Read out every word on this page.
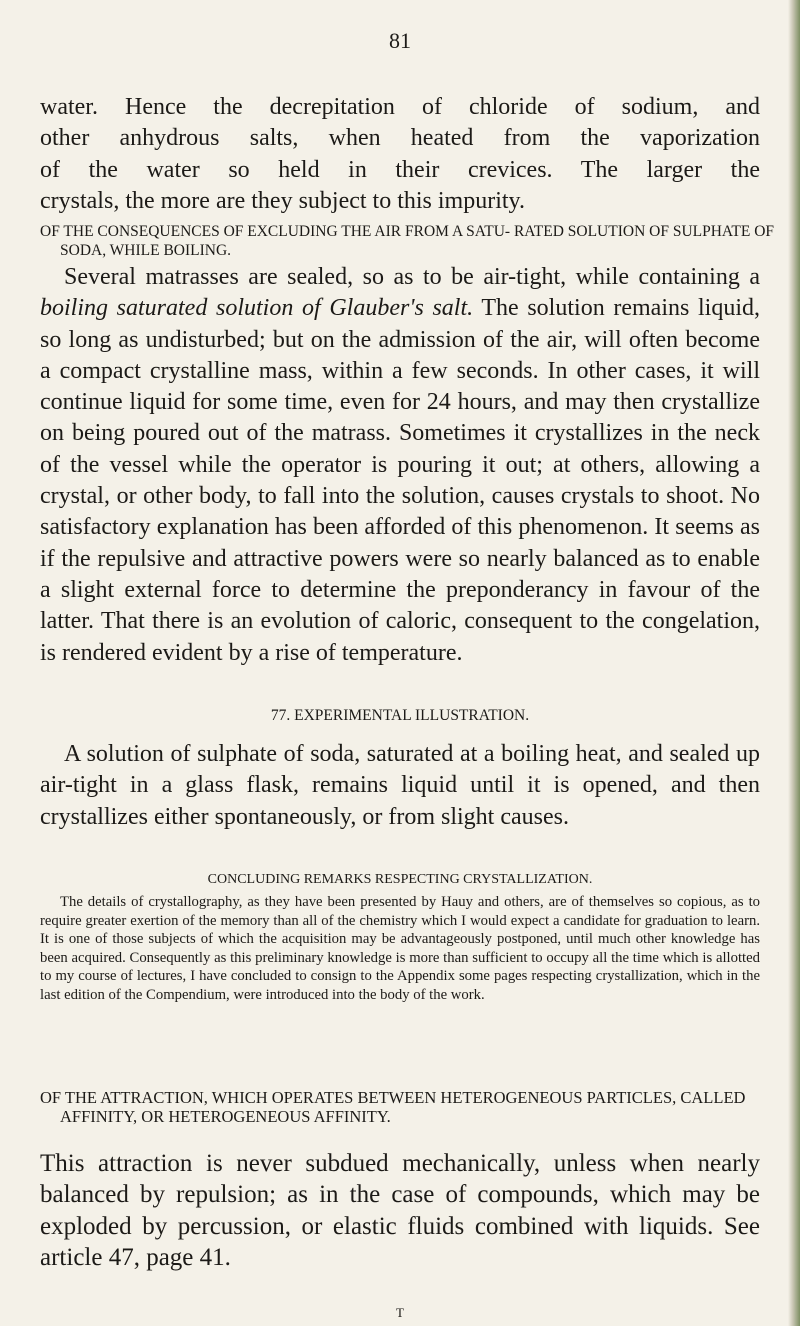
81
water. Hence the decrepitation of chloride of sodium, and
other anhydrous salts, when heated from the vaporization
of the water so held in their crevices. The larger the
crystals, the more are they subject to this impurity.

OF THE CONSEQUENCES OF EXCLUDING THE AIR FROM A SATU- RATED SOLUTION OF SULPHATE OF SODA, WHILE BOILING.

Several matrasses are sealed, so as to be air-tight, while containing a boiling saturated solution of Glauber's salt. The solution remains liquid, so long as undisturbed; but on the admission of the air, will often become a compact crystalline mass, within a few seconds. In other cases, it will continue liquid for some time, even for 24 hours, and may then crystallize on being poured out of the matrass. Sometimes it crystallizes in the neck of the vessel while the operator is pouring it out; at others, allowing a crystal, or other body, to fall into the solution, causes crystals to shoot. No satisfactory explanation has been afforded of this phenomenon. It seems as if the repulsive and attractive powers were so nearly balanced as to enable a slight external force to determine the preponderancy in favour of the latter. That there is an evolution of caloric, consequent to the congelation, is rendered evident by a rise of temperature.

77. EXPERIMENTAL ILLUSTRATION.

A solution of sulphate of soda, saturated at a boiling heat, and sealed up air-tight in a glass flask, remains liquid until it is opened, and then crystallizes either spontaneously, or from slight causes.

CONCLUDING REMARKS RESPECTING CRYSTALLIZATION.

The details of crystallography, as they have been presented by Hauy and others, are of themselves so copious, as to require greater exertion of the memory than all of the chemistry which I would expect a candidate for graduation to learn. It is one of those subjects of which the acquisition may be advantageously postponed, until much other knowledge has been acquired. Consequently as this preliminary knowledge is more than sufficient to occupy all the time which is allotted to my course of lectures, I have concluded to consign to the Appendix some pages respecting crystallization, which in the last edition of the Compendium, were introduced into the body of the work.

OF THE ATTRACTION, WHICH OPERATES BETWEEN HETEROGENEOUS PARTICLES, CALLED AFFINITY, OR HETEROGENEOUS AFFINITY.

This attraction is never subdued mechanically, unless when nearly balanced by repulsion; as in the case of compounds, which may be exploded by percussion, or elastic fluids combined with liquids. See article 47, page 41.

T
